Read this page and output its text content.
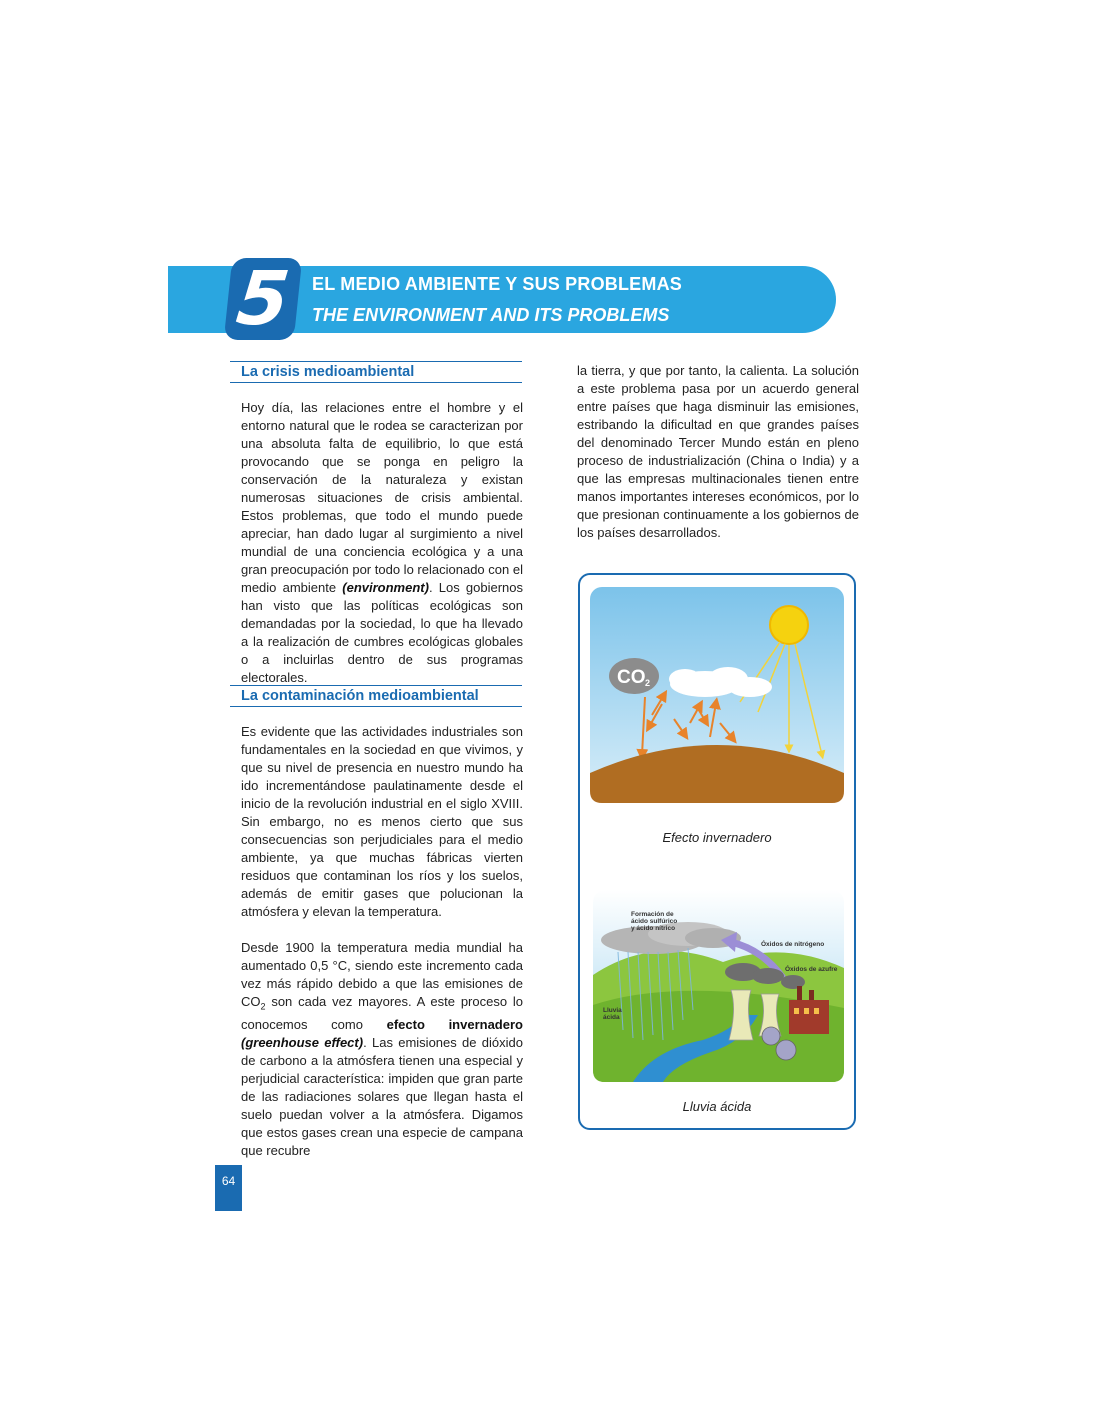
5	EL MEDIO AMBIENTE Y SUS PROBLEMAS
THE ENVIRONMENT AND ITS PROBLEMS
La crisis medioambiental

Hoy día, las relaciones entre el hombre y el entorno natural que le rodea se caracterizan por una absoluta falta de equilibrio, lo que está provocando que se ponga en peligro la conservación de la naturaleza y existan numerosas situaciones de crisis ambiental. Estos problemas, que todo el mundo puede apreciar, han dado lugar al surgimiento a nivel mundial de una conciencia ecológica y a una gran preocupación por todo lo relacionado con el medio ambiente (environment). Los gobiernos han visto que las políticas ecológicas son demandadas por la sociedad, lo que ha llevado a la realización de cumbres ecológicas globales o a incluirlas dentro de sus programas electorales.

La contaminación medioambiental

Es evidente que las actividades industriales son fundamentales en la sociedad en que vivimos, y que su nivel de presencia en nuestro mundo ha ido incrementándose paulatinamente desde el inicio de la revolución industrial en el siglo XVIII. Sin embargo, no es menos cierto que sus consecuencias son perjudiciales para el medio ambiente, ya que muchas fábricas vierten residuos que contaminan los ríos y los suelos, además de emitir gases que polucionan la atmósfera y elevan la temperatura.

Desde 1900 la temperatura media mundial ha aumentado 0,5 °C, siendo este incremento cada vez más rápido debido a que las emisiones de $CO_2$ son cada vez mayores. A este proceso lo conocemos como efecto invernadero (greenhouse effect). Las emisiones de dióxido de carbono a la atmósfera tienen una especial y perjudicial característica: impiden que gran parte de las radiaciones solares que llegan hasta el suelo puedan volver a la atmósfera. Digamos que estos gases crean una especie de campana que recubre

la tierra, y que por tanto, la calienta. La solución a este problema pasa por un acuerdo general entre países que haga disminuir las emisiones, estribando la dificultad en que grandes países del denominado Tercer Mundo están en pleno proceso de industrialización (China o India) y a que las empresas multinacionales tienen entre manos importantes intereses económicos, por lo que presionan continuamente a los gobiernos de los países desarrollados.

CO 2
Efecto invernadero
Formación de
ácido sulfúrico
y ácido nítrico
Óxidos de nitrógeno
Óxidos de azufre
Lluvia
ácida
Lluvia ácida
64
